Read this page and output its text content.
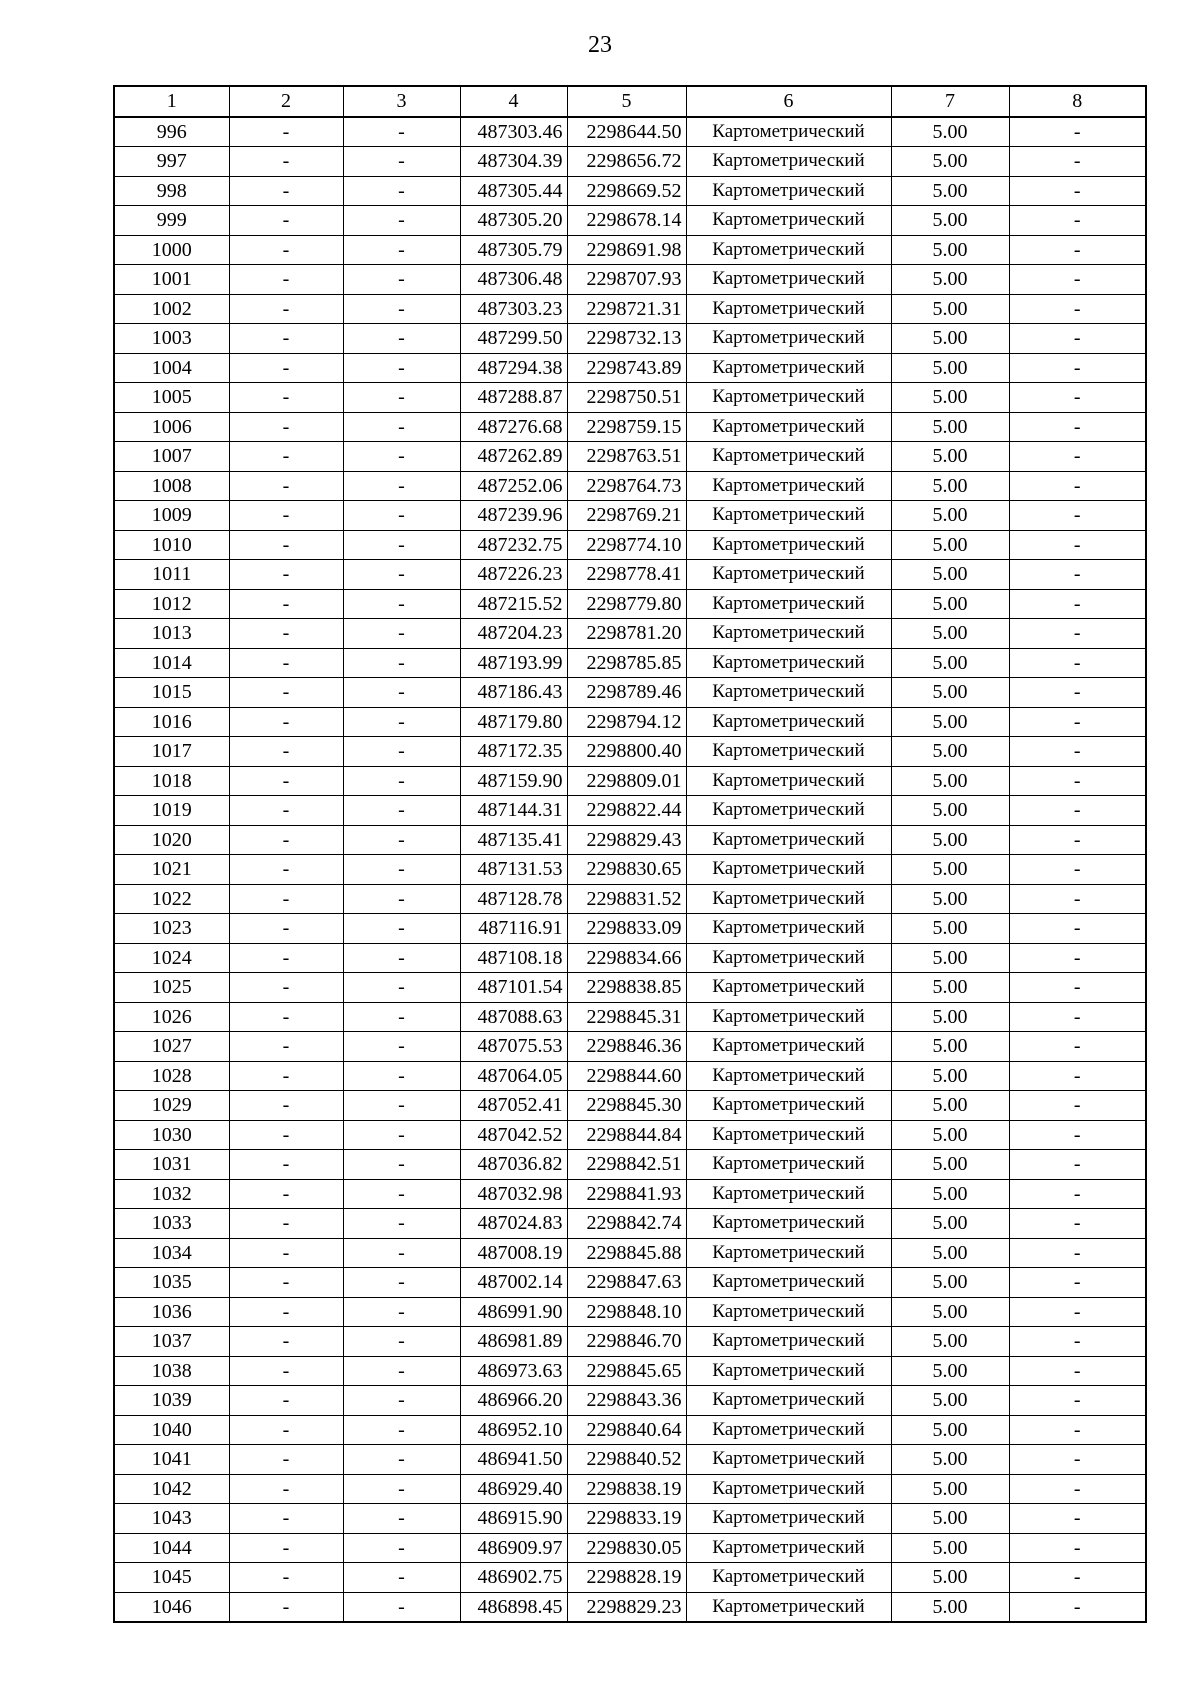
23
1	2	3	4	5	6	7	8
996	-	-	487303.46	2298644.50	Картометрический	5.00	-
997	-	-	487304.39	2298656.72	Картометрический	5.00	-
998	-	-	487305.44	2298669.52	Картометрический	5.00	-
999	-	-	487305.20	2298678.14	Картометрический	5.00	-
1000	-	-	487305.79	2298691.98	Картометрический	5.00	-
1001	-	-	487306.48	2298707.93	Картометрический	5.00	-
1002	-	-	487303.23	2298721.31	Картометрический	5.00	-
1003	-	-	487299.50	2298732.13	Картометрический	5.00	-
1004	-	-	487294.38	2298743.89	Картометрический	5.00	-
1005	-	-	487288.87	2298750.51	Картометрический	5.00	-
1006	-	-	487276.68	2298759.15	Картометрический	5.00	-
1007	-	-	487262.89	2298763.51	Картометрический	5.00	-
1008	-	-	487252.06	2298764.73	Картометрический	5.00	-
1009	-	-	487239.96	2298769.21	Картометрический	5.00	-
1010	-	-	487232.75	2298774.10	Картометрический	5.00	-
1011	-	-	487226.23	2298778.41	Картометрический	5.00	-
1012	-	-	487215.52	2298779.80	Картометрический	5.00	-
1013	-	-	487204.23	2298781.20	Картометрический	5.00	-
1014	-	-	487193.99	2298785.85	Картометрический	5.00	-
1015	-	-	487186.43	2298789.46	Картометрический	5.00	-
1016	-	-	487179.80	2298794.12	Картометрический	5.00	-
1017	-	-	487172.35	2298800.40	Картометрический	5.00	-
1018	-	-	487159.90	2298809.01	Картометрический	5.00	-
1019	-	-	487144.31	2298822.44	Картометрический	5.00	-
1020	-	-	487135.41	2298829.43	Картометрический	5.00	-
1021	-	-	487131.53	2298830.65	Картометрический	5.00	-
1022	-	-	487128.78	2298831.52	Картометрический	5.00	-
1023	-	-	487116.91	2298833.09	Картометрический	5.00	-
1024	-	-	487108.18	2298834.66	Картометрический	5.00	-
1025	-	-	487101.54	2298838.85	Картометрический	5.00	-
1026	-	-	487088.63	2298845.31	Картометрический	5.00	-
1027	-	-	487075.53	2298846.36	Картометрический	5.00	-
1028	-	-	487064.05	2298844.60	Картометрический	5.00	-
1029	-	-	487052.41	2298845.30	Картометрический	5.00	-
1030	-	-	487042.52	2298844.84	Картометрический	5.00	-
1031	-	-	487036.82	2298842.51	Картометрический	5.00	-
1032	-	-	487032.98	2298841.93	Картометрический	5.00	-
1033	-	-	487024.83	2298842.74	Картометрический	5.00	-
1034	-	-	487008.19	2298845.88	Картометрический	5.00	-
1035	-	-	487002.14	2298847.63	Картометрический	5.00	-
1036	-	-	486991.90	2298848.10	Картометрический	5.00	-
1037	-	-	486981.89	2298846.70	Картометрический	5.00	-
1038	-	-	486973.63	2298845.65	Картометрический	5.00	-
1039	-	-	486966.20	2298843.36	Картометрический	5.00	-
1040	-	-	486952.10	2298840.64	Картометрический	5.00	-
1041	-	-	486941.50	2298840.52	Картометрический	5.00	-
1042	-	-	486929.40	2298838.19	Картометрический	5.00	-
1043	-	-	486915.90	2298833.19	Картометрический	5.00	-
1044	-	-	486909.97	2298830.05	Картометрический	5.00	-
1045	-	-	486902.75	2298828.19	Картометрический	5.00	-
1046	-	-	486898.45	2298829.23	Картометрический	5.00	-
